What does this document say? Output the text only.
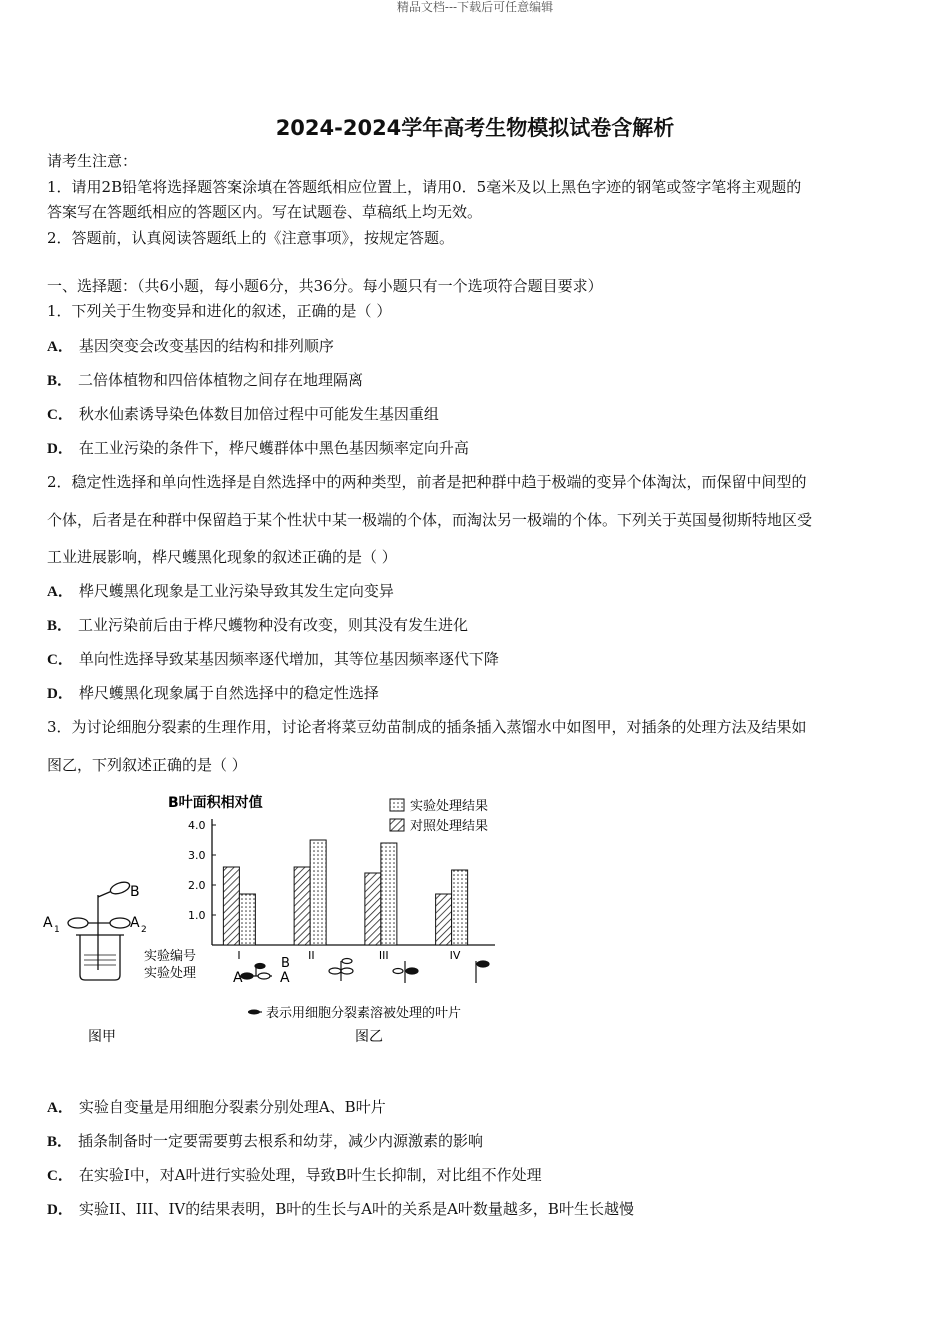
精品文档---下载后可任意编辑
2024-2024学年高考生物模拟试卷含解析
请考生注意：
1．请用2B铅笔将选择题答案涂填在答题纸相应位置上，请用0．5毫米及以上黑色字迹的钢笔或签字笔将主观题的
答案写在答题纸相应的答题区内。写在试题卷、草稿纸上均无效。
2．答题前，认真阅读答题纸上的《注意事项》，按规定答题。
一、选择题：（共6小题，每小题6分，共36分。每小题只有一个选项符合题目要求）
1．下列关于生物变异和进化的叙述，正确的是（ ）
A． 基因突变会改变基因的结构和排列顺序
B． 二倍体植物和四倍体植物之间存在地理隔离
C． 秋水仙素诱导染色体数目加倍过程中可能发生基因重组
D． 在工业污染的条件下，桦尺蠖群体中黑色基因频率定向升高
2．稳定性选择和单向性选择是自然选择中的两种类型，前者是把种群中趋于极端的变异个体淘汰，而保留中间型的
个体，后者是在种群中保留趋于某个性状中某一极端的个体，而淘汰另一极端的个体。下列关于英国曼彻斯特地区受
工业进展影响，桦尺蠖黑化现象的叙述正确的是（ ）
A． 桦尺蠖黑化现象是工业污染导致其发生定向变异
B． 工业污染前后由于桦尺蠖物种没有改变，则其没有发生进化
C． 单向性选择导致某基因频率逐代增加，其等位基因频率逐代下降
D． 桦尺蠖黑化现象属于自然选择中的稳定性选择
3．为讨论细胞分裂素的生理作用，讨论者将菜豆幼苗制成的插条插入蒸馏水中如图甲，对插条的处理方法及结果如
图乙，下列叙述正确的是（ ）
B
A 1	A 2
图甲
B叶面积相对值	实验处理结果
对照处理结果
1.0
2.0
3.0
4.0
I	II	III	IV
实验编号
实验处理	A
B
A
表示用细胞分裂素溶被处理的叶片
图乙
A． 实验自变量是用细胞分裂素分别处理A、B叶片
B． 插条制备时一定要需要剪去根系和幼芽，减少内源激素的影响
C． 在实验I中，对A叶进行实验处理，导致B叶生长抑制，对比组不作处理
D． 实验II、III、IV的结果表明，B叶的生长与A叶的关系是A叶数量越多，B叶生长越慢
